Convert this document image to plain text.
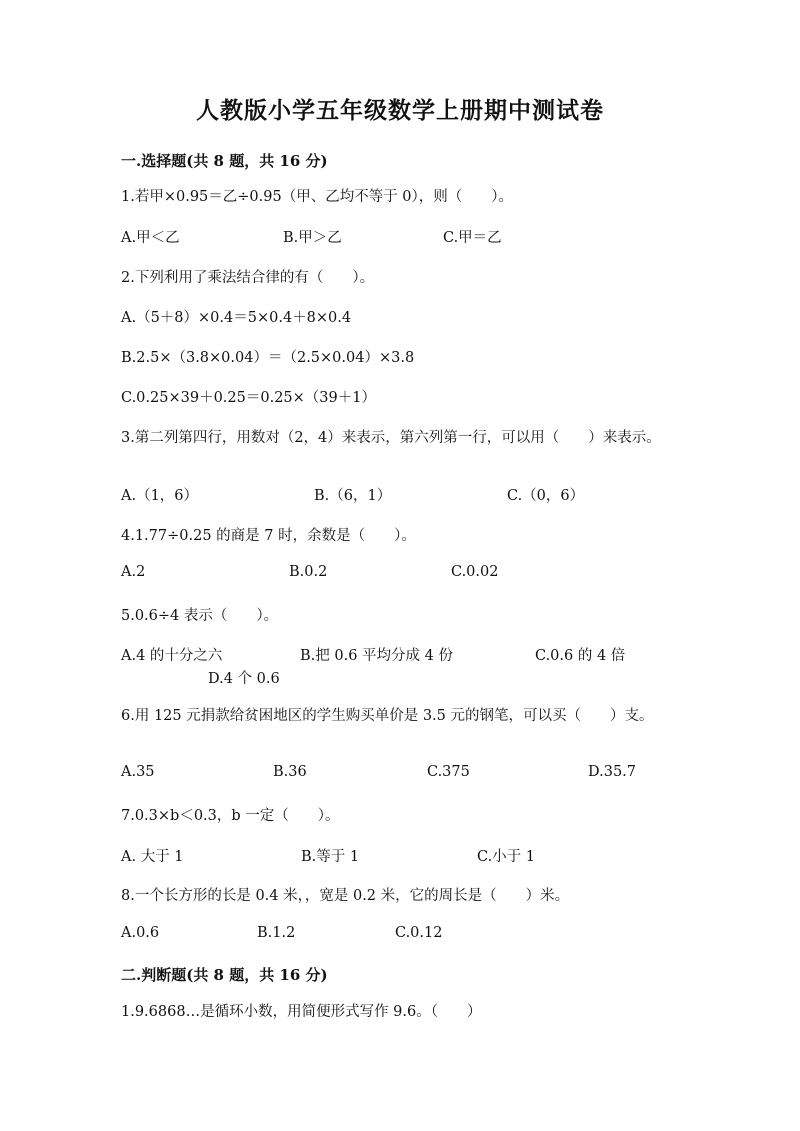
人教版小学五年级数学上册期中测试卷
一.选择题(共 8 题，共 16 分)
1.若甲×0.95＝乙÷0.95（甲、乙均不等于 0），则（　　）。
A.甲＜乙	B.甲＞乙	C.甲＝乙
2.下列利用了乘法结合律的有（　　）。
A.（5＋8）×0.4＝5×0.4＋8×0.4
B.2.5×（3.8×0.04）＝（2.5×0.04）×3.8
C.0.25×39＋0.25＝0.25×（39＋1）
3.第二列第四行，用数对（2，4）来表示，第六列第一行，可以用（　　）来表示。
A.（1，6）	B.（6，1）	C.（0，6）
4.1.77÷0.25 的商是 7 时，余数是（　　）。
A.2	B.0.2	C.0.02
5.0.6÷4 表示（　　）。
A.4 的十分之六	B.把 0.6 平均分成 4 份	C.0.6 的 4 倍
D.4 个 0.6
6.用 125 元捐款给贫困地区的学生购买单价是 3.5 元的钢笔，可以买（　　）支。
A.35	B.36	C.375	D.35.7
7.0.3×b＜0.3，b 一定（　　）。
A. 大于 1	B.等于 1	C.小于 1
8.一个长方形的长是 0.4 米，，宽是 0.2 米，它的周长是（　　）米。
A.0.6	B.1.2	C.0.12
二.判断题(共 8 题，共 16 分)
1.9.6868…是循环小数，用简便形式写作 9.6。（　　）
